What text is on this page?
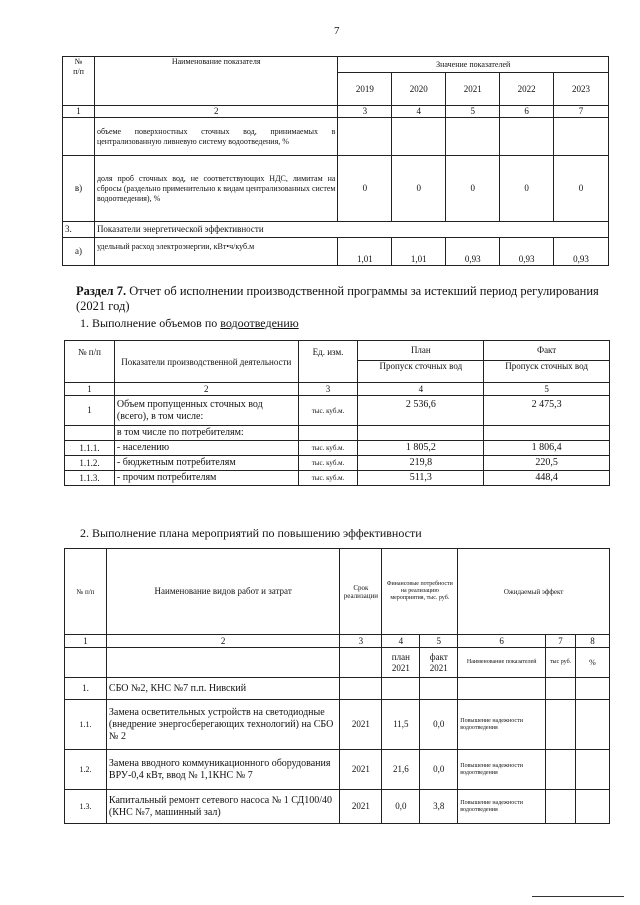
7
№
п/п	Наименование показателя	Значение показателей				
		2019	2020	2021	2022	2023
1	2	3	4	5	6	7
	объеме поверхностных сточных вод, принимаемых в централизованную ливневую систему водоотведения, %					
в)	доля проб сточных вод, не соответствующих НДС, лимитам на сбросы (раздельно применительно к видам централизованных систем водоотведения), %	0	0	0	0	0
3.	Показатели энергетической эффективности					
а)	удельный расход электроэнергии, кВт•ч/куб.м	1,01	1,01	0,93	0,93	0,93
Раздел 7. Отчет об исполнении производственной программы за истекший период регулирования (2021 год)
1. Выполнение объемов по водоотведению
№ п/п	Показатели производственной деятельности	Ед. изм.	План	Факт
			Пропуск сточных вод	Пропуск сточных вод
1	2	3	4	5
1	Объем пропущенных сточных вод (всего), в том числе:	тыс. куб.м.	2 536,6	2 475,3
	в том числе по потребителям:			
1.1.1.	- населению	тыс. куб.м.	1 805,2	1 806,4
1.1.2.	- бюджетным потребителям	тыс. куб.м.	219,8	220,5
1.1.3.	- прочим потребителям	тыс. куб.м.	511,3	448,4
2. Выполнение плана мероприятий по повышению эффективности
№ п/п	Наименование видов работ и затрат	Срок реализации	Финансовые потребности на реализацию мероприятия, тыс. руб.		Ожидаемый эффект		
1	2	3	4	5	6	7	8
			план 2021	факт 2021	Наименование показателей	тыс руб.	%
1.	СБО №2, КНС №7 п.п. Нивский						
1.1.	Замена осветительных устройств на светодиодные (внедрение энергосберегающих технологий) на СБО № 2	2021	11,5	0,0	Повышение надежности водоотведения		
1.2.	Замена вводного коммуникационного оборудования ВРУ-0,4 кВт, ввод № 1,1КНС № 7	2021	21,6	0,0	Повышение надежности водоотведения		
1.3.	Капитальный ремонт сетевого насоса № 1 СД100/40 (КНС №7, машинный зал)	2021	0,0	3,8	Повышение надежности водоотведения		
